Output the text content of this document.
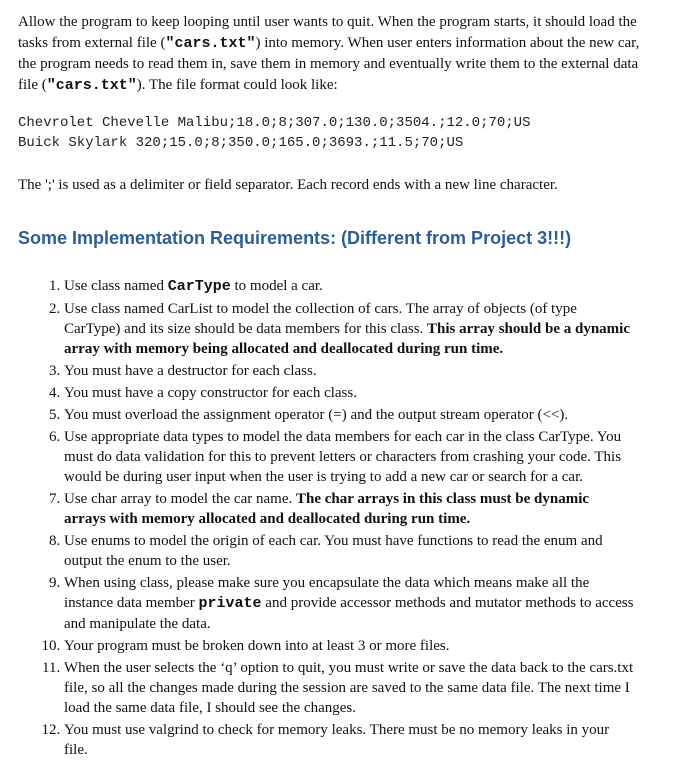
Allow the program to keep looping until user wants to quit. When the program starts, it should load the tasks from external file ("cars.txt") into memory. When user enters information about the new car, the program needs to read them in, save them in memory and eventually write them to the external data file ("cars.txt"). The file format could look like:

Chevrolet Chevelle Malibu;18.0;8;307.0;130.0;3504.;12.0;70;US
Buick Skylark 320;15.0;8;350.0;165.0;3693.;11.5;70;US
The ';' is used as a delimiter or field separator. Each record ends with a new line character.
Some Implementation Requirements: (Different from Project 3!!!)
1. Use class named CarType to model a car.
2. Use class named CarList to model the collection of cars. The array of objects (of type CarType) and its size should be data members for this class. This array should be a dynamic array with memory being allocated and deallocated during run time.
3. You must have a destructor for each class.
4. You must have a copy constructor for each class.
5. You must overload the assignment operator (=) and the output stream operator (<<).
6. Use appropriate data types to model the data members for each car in the class CarType. You must do data validation for this to prevent letters or characters from crashing your code. This would be during user input when the user is trying to add a new car or search for a car.
7. Use char array to model the car name. The char arrays in this class must be dynamic arrays with memory allocated and deallocated during run time.
8. Use enums to model the origin of each car. You must have functions to read the enum and output the enum to the user.
9. When using class, please make sure you encapsulate the data which means make all the instance data member private and provide accessor methods and mutator methods to access and manipulate the data.
10. Your program must be broken down into at least 3 or more files.
11. When the user selects the ‘q’ option to quit, you must write or save the data back to the cars.txt file, so all the changes made during the session are saved to the same data file. The next time I load the same data file, I should see the changes.
12. You must use valgrind to check for memory leaks. There must be no memory leaks in your file.
